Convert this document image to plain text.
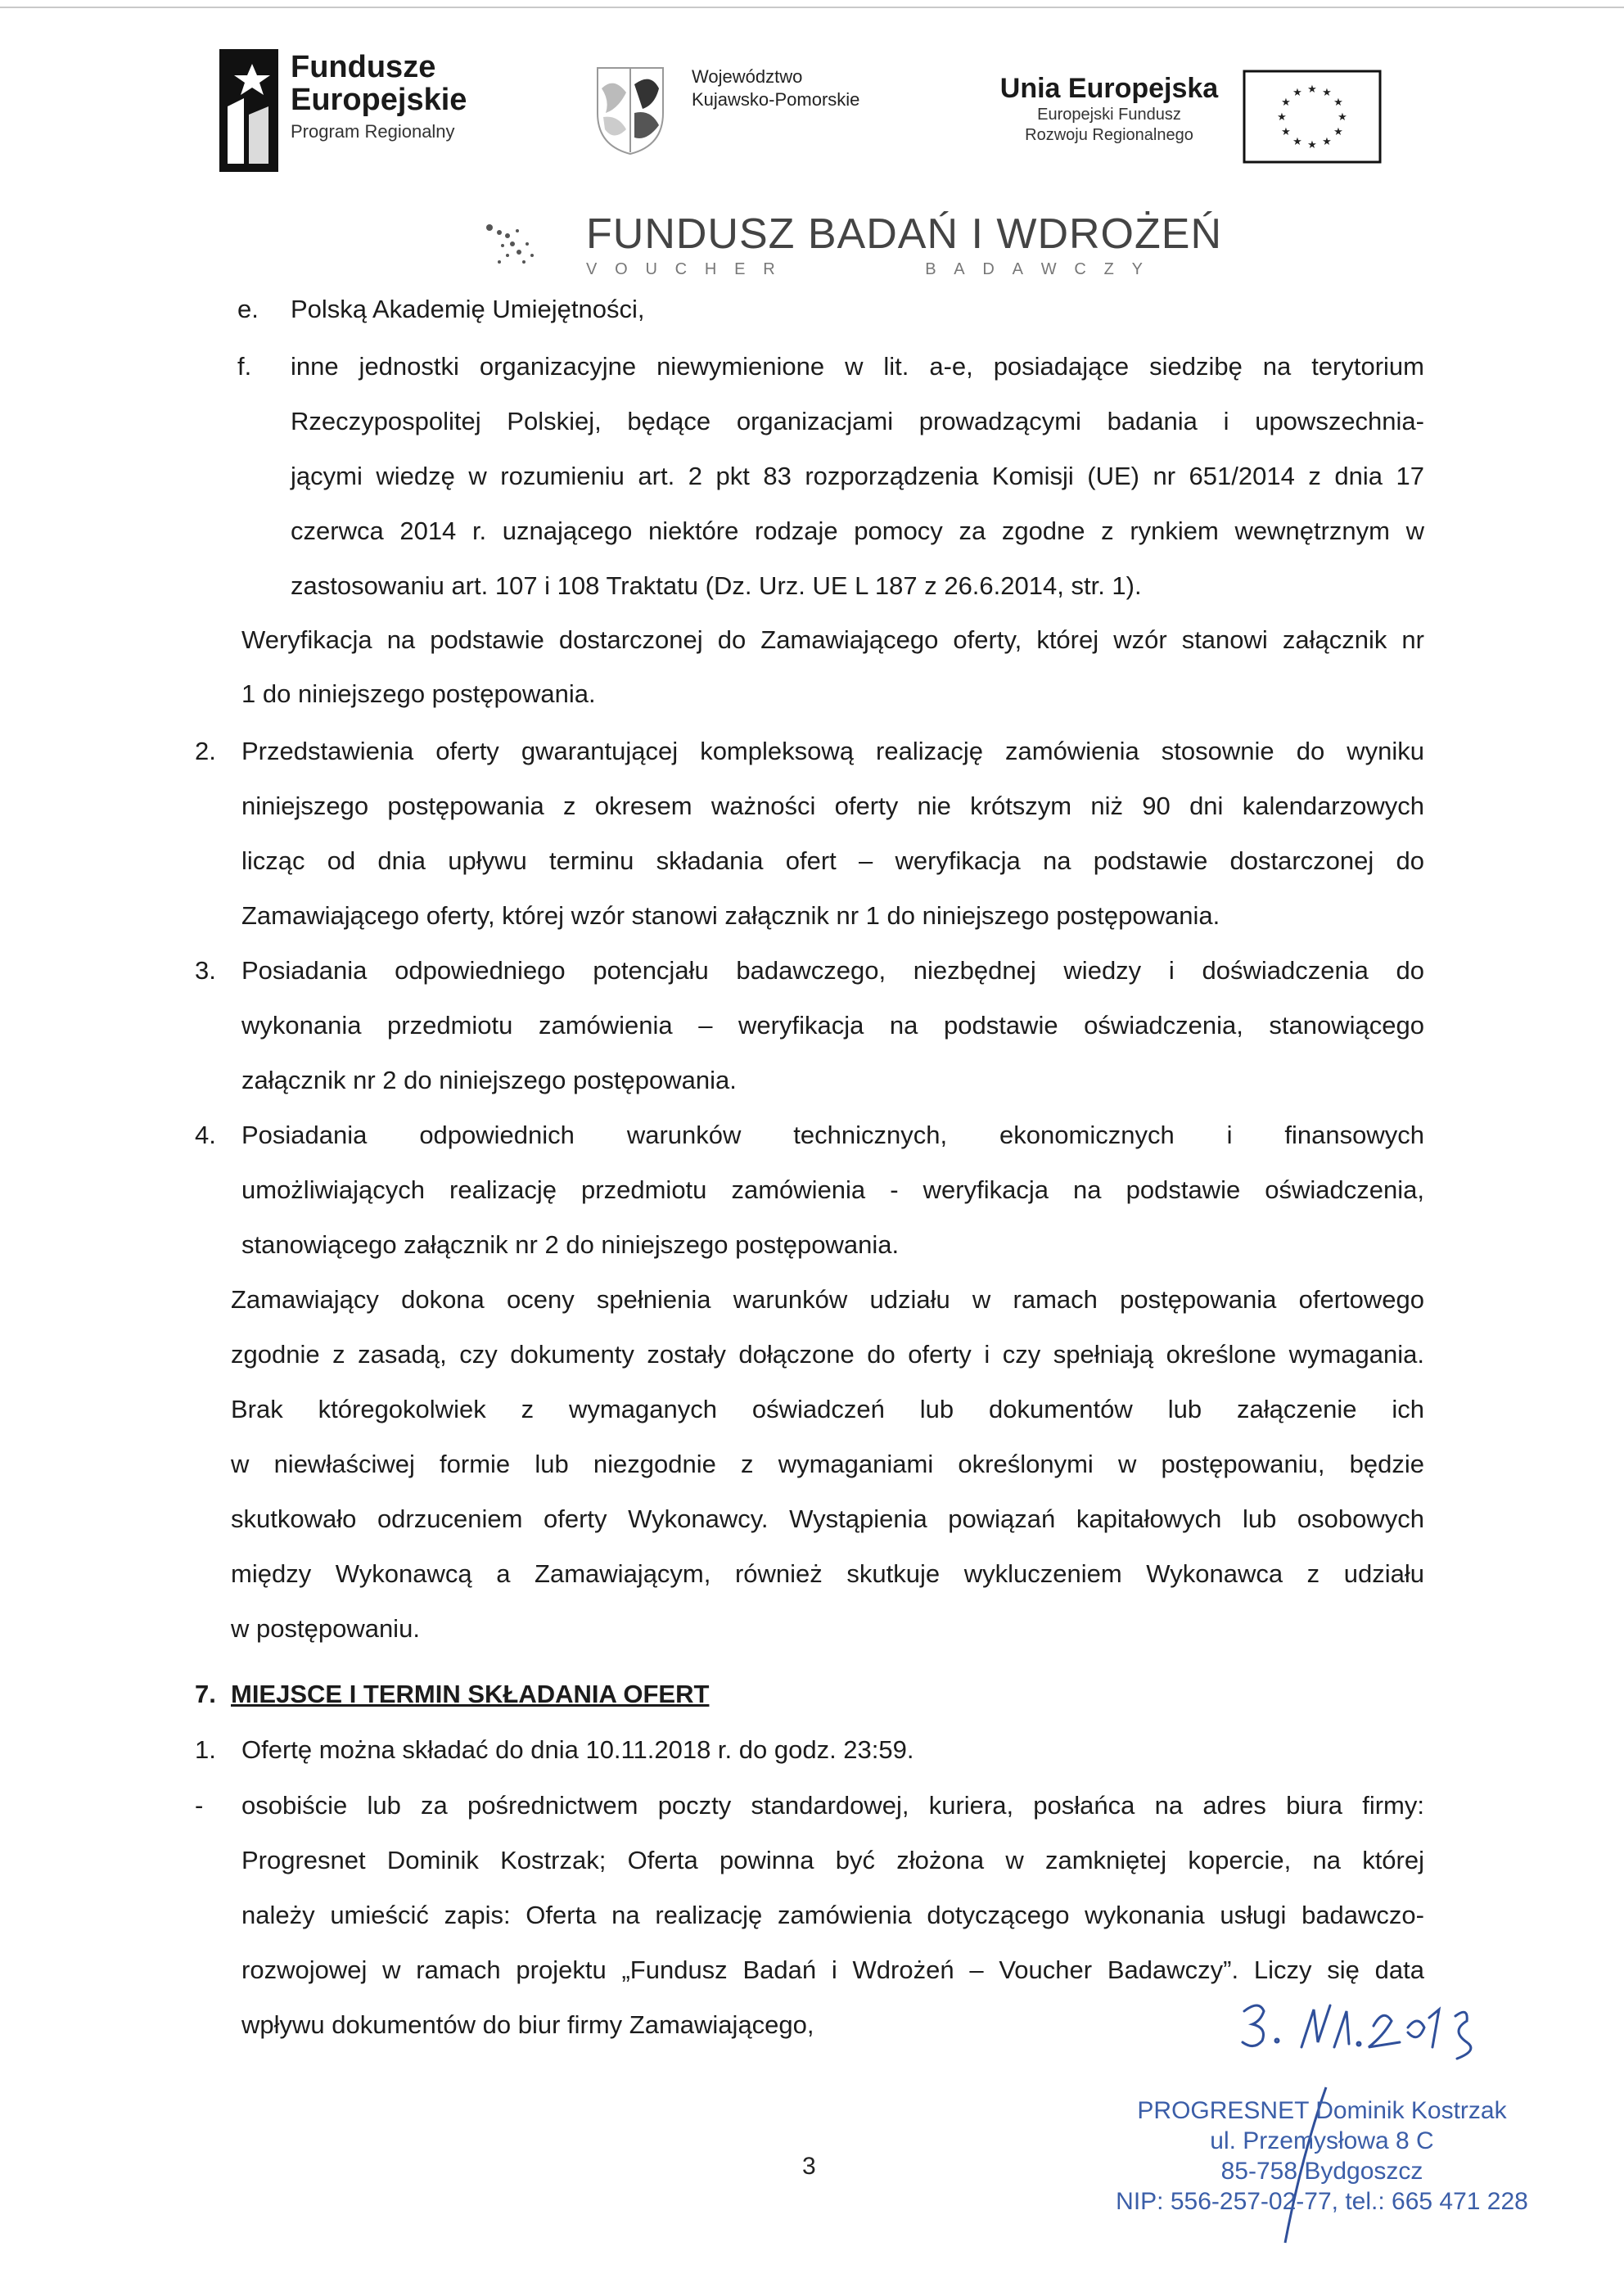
Fundusze
Europejskie
Program Regionalny
Województwo
Kujawsko-Pomorskie	Unia Europejska
Europejski Fundusz
Rozwoju Regionalnego
★ ★
★
★
★
★
★
★
★
★
★
★
FUNDUSZ BADAŃ I WDROŻEŃ
V O U C H E R	B A D A W C Z Y
e. Polską Akademię Umiejętności,
f. inne jednostki organizacyjne niewymienione w lit. a-e, posiadające siedzibę na terytorium
Rzeczypospolitej Polskiej, będące organizacjami prowadzącymi badania i upowszechnia-
jącymi wiedzę w rozumieniu art. 2 pkt 83 rozporządzenia Komisji (UE) nr 651/2014 z dnia 17
czerwca 2014 r. uznającego niektóre rodzaje pomocy za zgodne z rynkiem wewnętrznym w
zastosowaniu art. 107 i 108 Traktatu (Dz. Urz. UE L 187 z 26.6.2014, str. 1).
Weryfikacja na podstawie dostarczonej do Zamawiającego oferty, której wzór stanowi załącznik nr
1 do niniejszego postępowania.
2. Przedstawienia oferty gwarantującej kompleksową realizację zamówienia stosownie do wyniku
niniejszego postępowania z okresem ważności oferty nie krótszym niż 90 dni kalendarzowych
licząc od dnia upływu terminu składania ofert – weryfikacja na podstawie dostarczonej do
Zamawiającego oferty, której wzór stanowi załącznik nr 1 do niniejszego postępowania.
3. Posiadania odpowiedniego potencjału badawczego, niezbędnej wiedzy i doświadczenia do
wykonania przedmiotu zamówienia – weryfikacja na podstawie oświadczenia, stanowiącego
załącznik nr 2 do niniejszego postępowania.
4. Posiadania odpowiednich warunków technicznych, ekonomicznych i finansowych
umożliwiających realizację przedmiotu zamówienia - weryfikacja na podstawie oświadczenia,
stanowiącego załącznik nr 2 do niniejszego postępowania.
Zamawiający dokona oceny spełnienia warunków udziału w ramach postępowania ofertowego
zgodnie z zasadą, czy dokumenty zostały dołączone do oferty i czy spełniają określone wymagania.
Brak któregokolwiek z wymaganych oświadczeń lub dokumentów lub załączenie ich
w niewłaściwej formie lub niezgodnie z wymaganiami określonymi w postępowaniu, będzie
skutkowało odrzuceniem oferty Wykonawcy. Wystąpienia powiązań kapitałowych lub osobowych
między Wykonawcą a Zamawiającym, również skutkuje wykluczeniem Wykonawca z udziału
w postępowaniu.
7. MIEJSCE I TERMIN SKŁADANIA OFERT
1. Ofertę można składać do dnia 10.11.2018 r. do godz. 23:59.
- osobiście lub za pośrednictwem poczty standardowej, kuriera, posłańca na adres biura firmy:
Progresnet Dominik Kostrzak; Oferta powinna być złożona w zamkniętej kopercie, na której
należy umieścić zapis: Oferta na realizację zamówienia dotyczącego wykonania usługi badawczo-
rozwojowej w ramach projektu „Fundusz Badań i Wdrożeń – Voucher Badawczy”. Liczy się data
wpływu dokumentów do biur firmy Zamawiającego,
PROGRESNET Dominik Kostrzak
ul. Przemysłowa 8 C
85-758 Bydgoszcz
NIP: 556-257-02-77, tel.: 665 471 228
3
